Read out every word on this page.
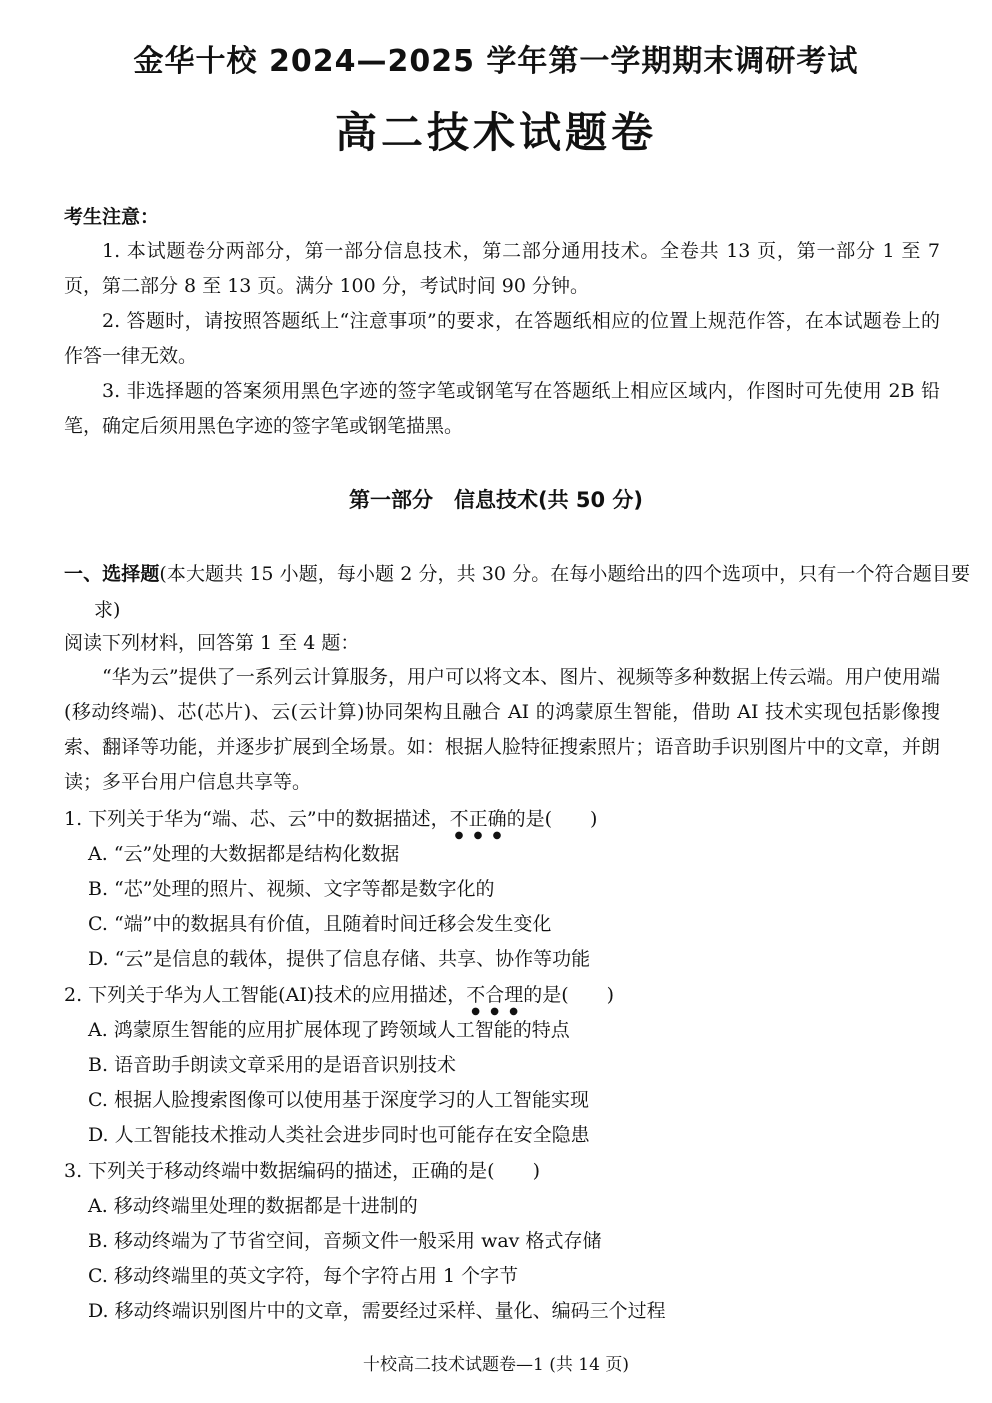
金华十校 2024—2025 学年第一学期期末调研考试
高二技术试题卷
考生注意：
1. 本试题卷分两部分，第一部分信息技术，第二部分通用技术。全卷共 13 页，第一部分 1 至 7 页，第二部分 8 至 13 页。满分 100 分，考试时间 90 分钟。
2. 答题时，请按照答题纸上“注意事项”的要求，在答题纸相应的位置上规范作答，在本试题卷上的作答一律无效。
3. 非选择题的答案须用黑色字迹的签字笔或钢笔写在答题纸上相应区域内，作图时可先使用 2B 铅笔，确定后须用黑色字迹的签字笔或钢笔描黑。
第一部分　信息技术(共 50 分)
一、选择题(本大题共 15 小题，每小题 2 分，共 30 分。在每小题给出的四个选项中，只有一个符合题目要求)
阅读下列材料，回答第 1 至 4 题：
“华为云”提供了一系列云计算服务，用户可以将文本、图片、视频等多种数据上传云端。用户使用端(移动终端)、芯(芯片)、云(云计算)协同架构且融合 AI 的鸿蒙原生智能，借助 AI 技术实现包括影像搜索、翻译等功能，并逐步扩展到全场景。如：根据人脸特征搜索照片；语音助手识别图片中的文章，并朗读；多平台用户信息共享等。
1. 下列关于华为“端、芯、云”中的数据描述，不正确的是(　　)
A. “云”处理的大数据都是结构化数据
B. “芯”处理的照片、视频、文字等都是数字化的
C. “端”中的数据具有价值，且随着时间迁移会发生变化
D. “云”是信息的载体，提供了信息存储、共享、协作等功能
2. 下列关于华为人工智能(AI)技术的应用描述，不合理的是(　　)
A. 鸿蒙原生智能的应用扩展体现了跨领域人工智能的特点
B. 语音助手朗读文章采用的是语音识别技术
C. 根据人脸搜索图像可以使用基于深度学习的人工智能实现
D. 人工智能技术推动人类社会进步同时也可能存在安全隐患
3. 下列关于移动终端中数据编码的描述，正确的是(　　)
A. 移动终端里处理的数据都是十进制的
B. 移动终端为了节省空间，音频文件一般采用 wav 格式存储
C. 移动终端里的英文字符，每个字符占用 1 个字节
D. 移动终端识别图片中的文章，需要经过采样、量化、编码三个过程
十校高二技术试题卷—1 (共 14 页)
